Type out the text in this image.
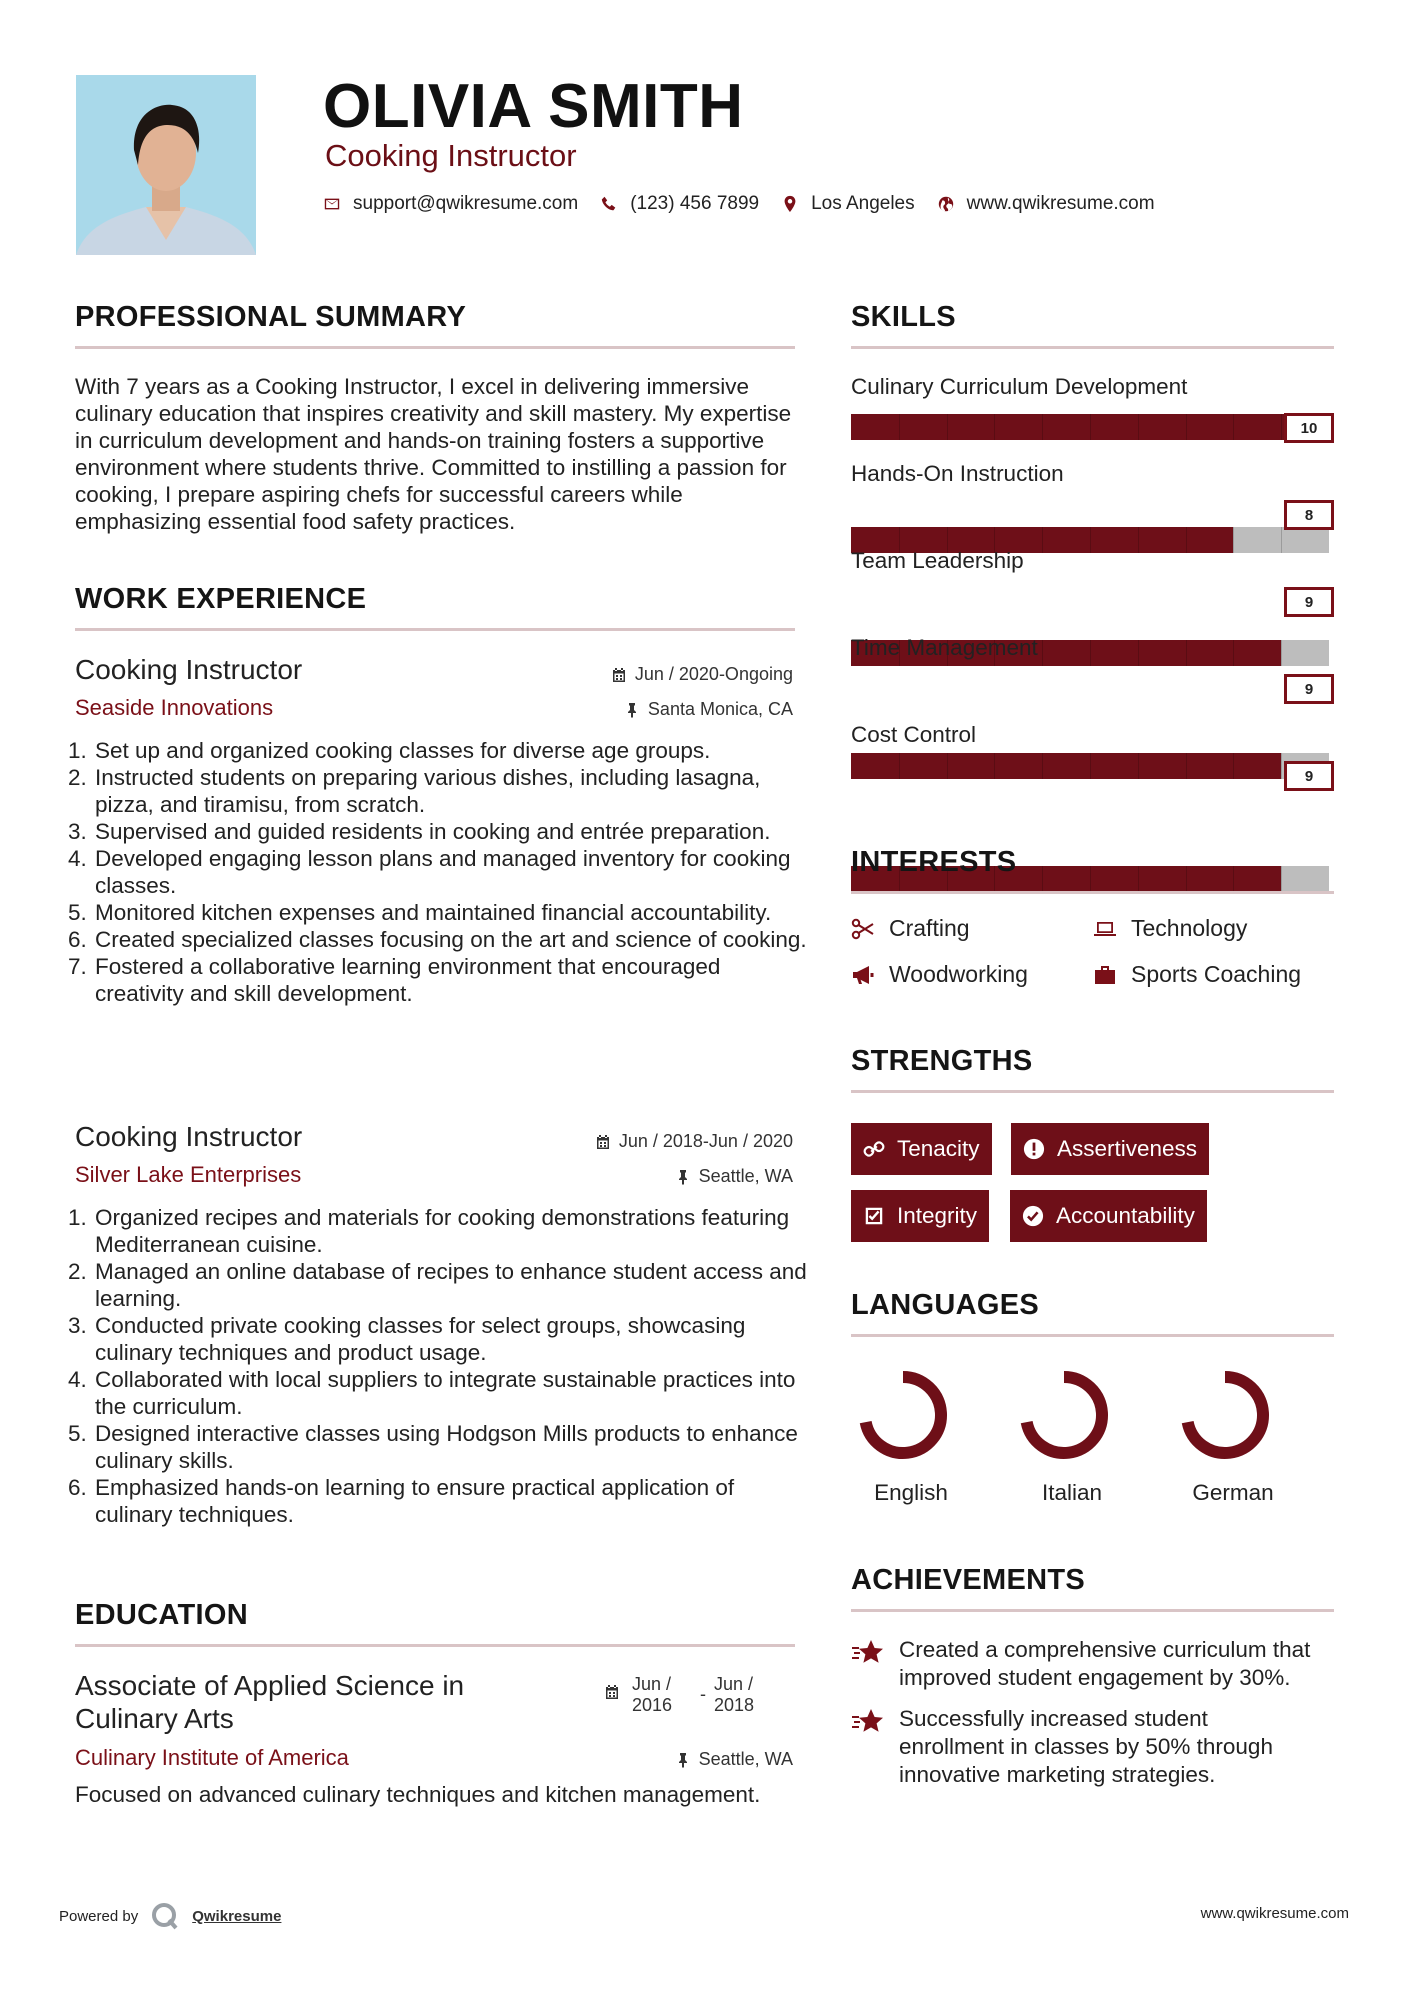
OLIVIA SMITH
Cooking Instructor
support@qwikresume.com	(123) 456 7899	Los Angeles	www.qwikresume.com
PROFESSIONAL SUMMARY
With 7 years as a Cooking Instructor, I excel in delivering immersive culinary education that inspires creativity and skill mastery. My expertise in curriculum development and hands-on training fosters a supportive environment where students thrive. Committed to instilling a passion for cooking, I prepare aspiring chefs for successful careers while emphasizing essential food safety practices.
WORK EXPERIENCE
Cooking Instructor	Jun / 2020-Ongoing
Seaside Innovations	Santa Monica, CA
1. Set up and organized cooking classes for diverse age groups.
2. Instructed students on preparing various dishes, including lasagna, pizza, and tiramisu, from scratch.
3. Supervised and guided residents in cooking and entrée preparation.
4. Developed engaging lesson plans and managed inventory for cooking classes.
5. Monitored kitchen expenses and maintained financial accountability.
6. Created specialized classes focusing on the art and science of cooking.
7. Fostered a collaborative learning environment that encouraged creativity and skill development.
Cooking Instructor	Jun / 2018-Jun / 2020
Silver Lake Enterprises	Seattle, WA
1. Organized recipes and materials for cooking demonstrations featuring Mediterranean cuisine.
2. Managed an online database of recipes to enhance student access and learning.
3. Conducted private cooking classes for select groups, showcasing culinary techniques and product usage.
4. Collaborated with local suppliers to integrate sustainable practices into the curriculum.
5. Designed interactive classes using Hodgson Mills products to enhance culinary skills.
6. Emphasized hands-on learning to ensure practical application of culinary techniques.
EDUCATION
Associate of Applied Science in Culinary Arts
Jun / 2016
- Jun / 2018
Culinary Institute of America	Seattle, WA
Focused on advanced culinary techniques and kitchen management.
SKILLS
Culinary Curriculum Development
10
Hands-On Instruction
8
Team Leadership
9
Time Management
9
Cost Control
9
INTERESTS
Crafting	Technology
Woodworking	Sports Coaching
STRENGTHS
Tenacity	Assertiveness
Integrity	Accountability
LANGUAGES
English	Italian	German
ACHIEVEMENTS
Created a comprehensive curriculum that improved student engagement by 30%.
Successfully increased student enrollment in classes by 50% through innovative marketing strategies.
Powered by	Qwikresume	www.qwikresume.com
